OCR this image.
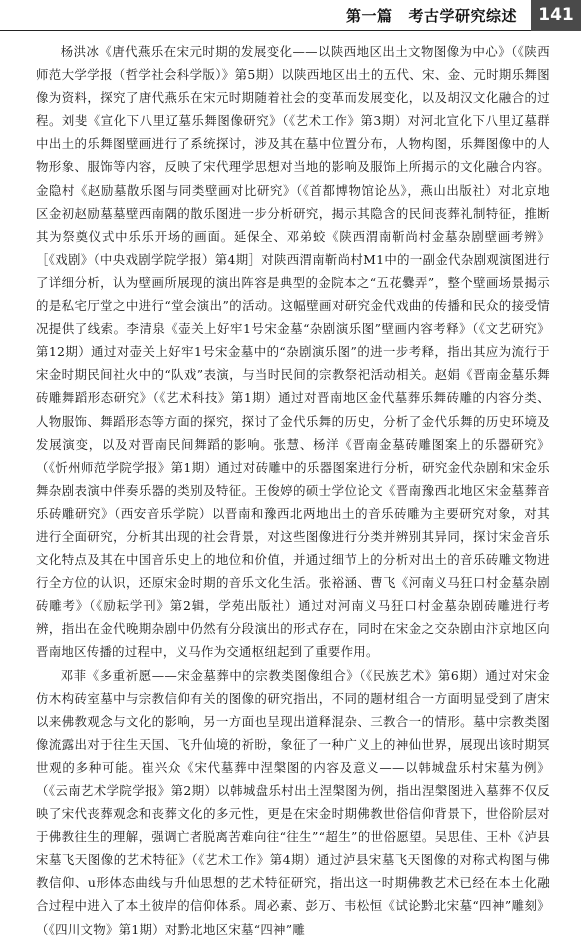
第一篇 考古学研究综述	141

杨洪冰《唐代燕乐在宋元时期的发展变化——以陕西地区出土文物图像为中心》（《陕西师范大学学报（哲学社会科学版）》第5期）以陕西地区出土的五代、宋、金、元时期乐舞图像为资料，探究了唐代燕乐在宋元时期随着社会的变革而发展变化，以及胡汉文化融合的过程。刘斐《宣化下八里辽墓乐舞图像研究》（《艺术工作》第3期）对河北宣化下八里辽墓群中出土的乐舞图壁画进行了系统探讨，涉及其在墓中位置分布，人物构图，乐舞图像中的人物形象、服饰等内容，反映了宋代理学思想对当地的影响及服饰上所揭示的文化融合内容。金隐村《赵励墓散乐图与同类壁画对比研究》（《首都博物馆论丛》，燕山出版社）对北京地区金初赵励墓墓壁西南隅的散乐图进一步分析研究，揭示其隐含的民间丧葬礼制特征，推断其为祭奠仪式中乐乐开场的画面。延保全、邓弟蛟《陕西渭南靳尚村金墓杂剧壁画考辨》［《戏剧》（中央戏剧学院学报）第4期］对陕西渭南靳尚村M1中的一副金代杂剧观演图进行了详细分析，认为壁画所展现的演出阵容是典型的金院本之“五花爨弄”，整个壁画场景揭示的是私宅厅堂之中进行“堂会演出”的活动。这幅壁画对研究金代戏曲的传播和民众的接受情况提供了线索。李清泉《壶关上好牢1号宋金墓“杂剧演乐图”壁画内容考释》（《文艺研究》第12期）通过对壶关上好牢1号宋金墓中的“杂剧演乐图”的进一步考释，指出其应为流行于宋金时期民间社火中的“队戏”表演，与当时民间的宗教祭祀活动相关。赵娟《晋南金墓乐舞砖雕舞蹈形态研究》（《艺术科技》第1期）通过对晋南地区金代墓葬乐舞砖雕的内容分类、人物服饰、舞蹈形态等方面的探究，探讨了金代乐舞的历史，分析了金代乐舞的历史环境及发展演变，以及对晋南民间舞蹈的影响。张慧、杨洋《晋南金墓砖雕图案上的乐器研究》（《忻州师范学院学报》第1期）通过对砖雕中的乐器图案进行分析，研究金代杂剧和宋金乐舞杂剧表演中伴奏乐器的类别及特征。王俊婷的硕士学位论文《晋南豫西北地区宋金墓葬音乐砖雕研究》（西安音乐学院）以晋南和豫西北两地出土的音乐砖雕为主要研究对象，对其进行全面研究，分析其出现的社会背景，对这些图像进行分类并辨别其异同，探讨宋金音乐文化特点及其在中国音乐史上的地位和价值，并通过细节上的分析对出土的音乐砖雕文物进行全方位的认识，还原宋金时期的音乐文化生活。张裕涵、曹飞《河南义马狂口村金墓杂剧砖雕考》（《励耘学刊》第2辑，学苑出版社）通过对河南义马狂口村金墓杂剧砖雕进行考辨，指出在金代晚期杂剧中仍然有分段演出的形式存在，同时在宋金之交杂剧由汴京地区向晋南地区传播的过程中，义马作为交通枢纽起到了重要作用。

邓菲《多重祈愿——宋金墓葬中的宗教类图像组合》（《民族艺术》第6期）通过对宋金仿木构砖室墓中与宗教信仰有关的图像的研究指出，不同的题材组合一方面明显受到了唐宋以来佛教观念与文化的影响，另一方面也呈现出道释混杂、三教合一的情形。墓中宗教类图像流露出对于往生天国、飞升仙境的祈盼，象征了一种广义上的神仙世界，展现出该时期冥世观的多种可能。崔兴众《宋代墓葬中涅槃图的内容及意义——以韩城盘乐村宋墓为例》（《云南艺术学院学报》第2期）以韩城盘乐村出土涅槃图为例，指出涅槃图进入墓葬不仅反映了宋代丧葬观念和丧葬文化的多元性，更是在宋金时期佛教世俗信仰背景下，世俗阶层对于佛教往生的理解，强调亡者脱离苦难向往“往生”“超生”的世俗愿望。吴思佳、王朴《泸县宋墓飞天图像的艺术特征》（《艺术工作》第4期）通过泸县宋墓飞天图像的对称式构图与佛教信仰、u形体态曲线与升仙思想的艺术特征研究，指出这一时期佛教艺术已经在本土化融合过程中进入了本土彼岸的信仰体系。周必素、彭万、韦松恒《试论黔北宋墓“四神”雕刻》（《四川文物》第1期）对黔北地区宋墓“四神”雕
